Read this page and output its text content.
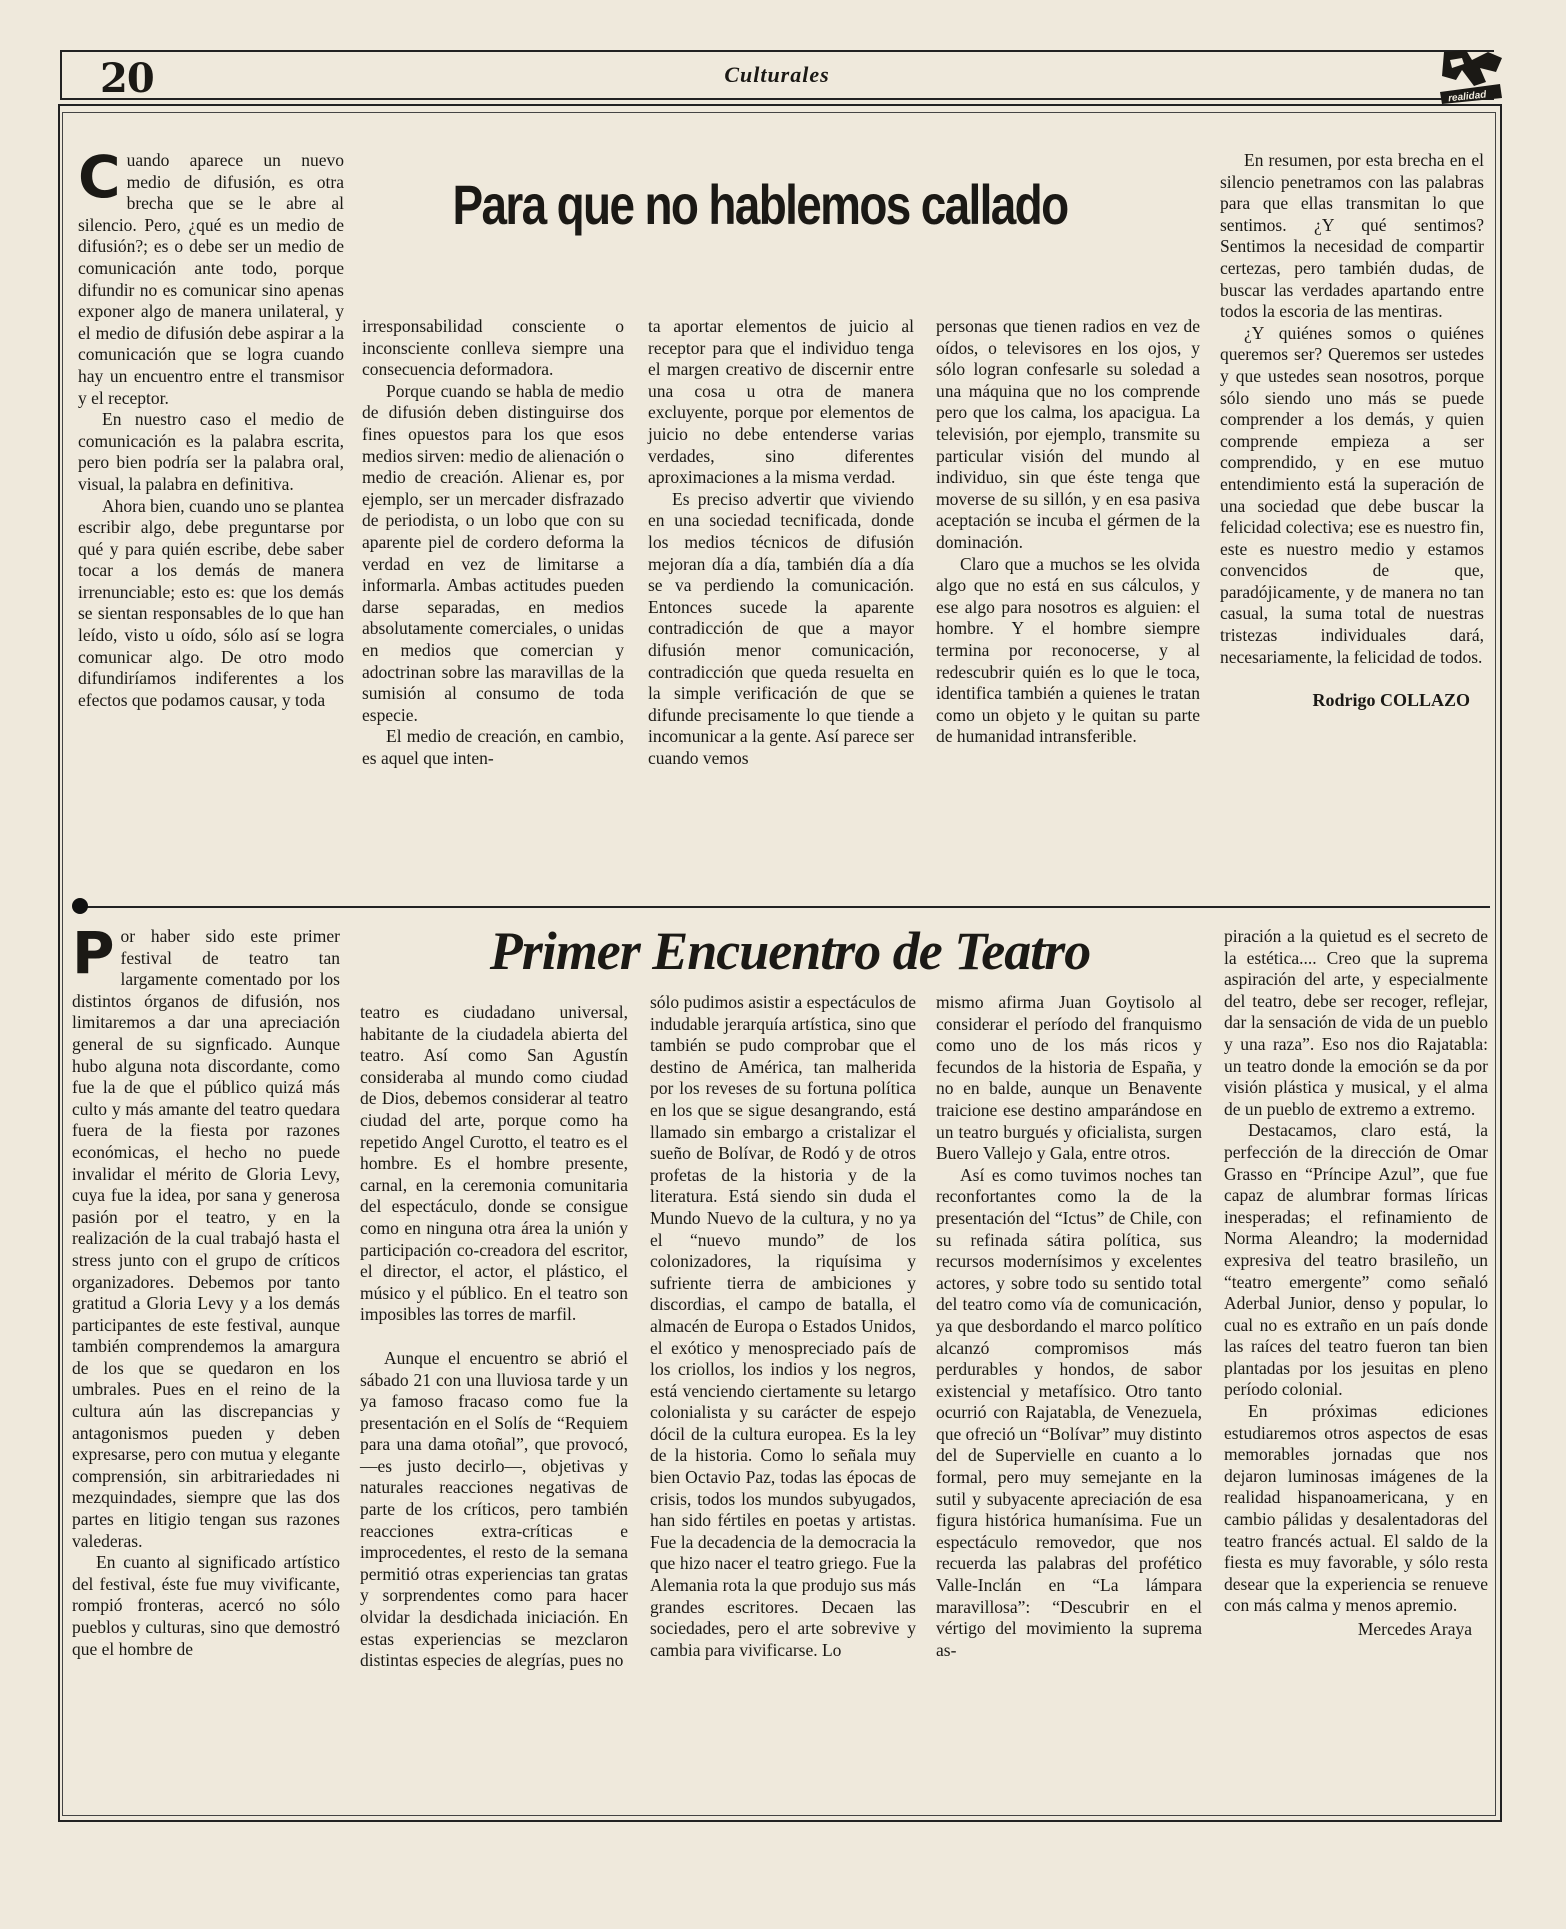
20	Culturales
realidad
Para que no hablemos callado

Cuando aparece un nuevo medio de difusión, es otra brecha que se le abre al silencio. Pero, ¿qué es un medio de difusión?; es o debe ser un medio de comunicación ante todo, porque difundir no es comunicar sino apenas exponer algo de manera unilateral, y el medio de difusión debe aspirar a la comunicación que se logra cuando hay un encuentro entre el transmisor y el receptor.

En nuestro caso el medio de comunicación es la palabra escrita, pero bien podría ser la palabra oral, visual, la palabra en definitiva.

Ahora bien, cuando uno se plantea escribir algo, debe preguntarse por qué y para quién escribe, debe saber tocar a los demás de manera irrenunciable; esto es: que los demás se sientan responsables de lo que han leído, visto u oído, sólo así se logra comunicar algo. De otro modo difundiríamos indiferentes a los efectos que podamos causar, y toda

irresponsabilidad consciente o inconsciente conlleva siempre una consecuencia deformadora.

Porque cuando se habla de medio de difusión deben distinguirse dos fines opuestos para los que esos medios sirven: medio de alienación o medio de creación. Alienar es, por ejemplo, ser un mercader disfrazado de periodista, o un lobo que con su aparente piel de cordero deforma la verdad en vez de limitarse a informarla. Ambas actitudes pueden darse separadas, en medios absolutamente comerciales, o unidas en medios que comercian y adoctrinan sobre las maravillas de la sumisión al consumo de toda especie.

El medio de creación, en cambio, es aquel que inten-

ta aportar elementos de juicio al receptor para que el individuo tenga el margen creativo de discernir entre una cosa u otra de manera excluyente, porque por elementos de juicio no debe entenderse varias verdades, sino diferentes aproximaciones a la misma verdad.

Es preciso advertir que viviendo en una sociedad tecnificada, donde los medios técnicos de difusión mejoran día a día, también día a día se va perdiendo la comunicación. Entonces sucede la aparente contradicción de que a mayor difusión menor comunicación, contradicción que queda resuelta en la simple verificación de que se difunde precisamente lo que tiende a incomunicar a la gente. Así parece ser cuando vemos

personas que tienen radios en vez de oídos, o televisores en los ojos, y sólo logran confesarle su soledad a una máquina que no los comprende pero que los calma, los apacigua. La televisión, por ejemplo, transmite su particular visión del mundo al individuo, sin que éste tenga que moverse de su sillón, y en esa pasiva aceptación se incuba el gérmen de la dominación.

Claro que a muchos se les olvida algo que no está en sus cálculos, y ese algo para nosotros es alguien: el hombre. Y el hombre siempre termina por reconocerse, y al redescubrir quién es lo que le toca, identifica también a quienes le tratan como un objeto y le quitan su parte de humanidad intransferible.

En resumen, por esta brecha en el silencio penetramos con las palabras para que ellas transmitan lo que sentimos. ¿Y qué sentimos? Sentimos la necesidad de compartir certezas, pero también dudas, de buscar las verdades apartando entre todos la escoria de las mentiras.

¿Y quiénes somos o quiénes queremos ser? Queremos ser ustedes y que ustedes sean nosotros, porque sólo siendo uno más se puede comprender a los demás, y quien comprende empieza a ser comprendido, y en ese mutuo entendimiento está la superación de una sociedad que debe buscar la felicidad colectiva; ese es nuestro fin, este es nuestro medio y estamos convencidos de que, paradójicamente, y de manera no tan casual, la suma total de nuestras tristezas individuales dará, necesariamente, la felicidad de todos.

Rodrigo COLLAZO
Primer Encuentro de Teatro

Por haber sido este primer festival de teatro tan largamente comentado por los distintos órganos de difusión, nos limitaremos a dar una apreciación general de su signficado. Aunque hubo alguna nota discordante, como fue la de que el público quizá más culto y más amante del teatro quedara fuera de la fiesta por razones económicas, el hecho no puede invalidar el mérito de Gloria Levy, cuya fue la idea, por sana y generosa pasión por el teatro, y en la realización de la cual trabajó hasta el stress junto con el grupo de críticos organizadores. Debemos por tanto gratitud a Gloria Levy y a los demás participantes de este festival, aunque también comprendemos la amargura de los que se quedaron en los umbrales. Pues en el reino de la cultura aún las discrepancias y antagonismos pueden y deben expresarse, pero con mutua y elegante comprensión, sin arbitrariedades ni mezquindades, siempre que las dos partes en litigio tengan sus razones valederas.

En cuanto al significado artístico del festival, éste fue muy vivificante, rompió fronteras, acercó no sólo pueblos y culturas, sino que demostró que el hombre de

teatro es ciudadano universal, habitante de la ciudadela abierta del teatro. Así como San Agustín consideraba al mundo como ciudad de Dios, debemos considerar al teatro ciudad del arte, porque como ha repetido Angel Curotto, el teatro es el hombre. Es el hombre presente, carnal, en la ceremonia comunitaria del espectáculo, donde se consigue como en ninguna otra área la unión y participación co-creadora del escritor, el director, el actor, el plástico, el músico y el público. En el teatro son imposibles las torres de marfil.

Aunque el encuentro se abrió el sábado 21 con una lluviosa tarde y un ya famoso fracaso como fue la presentación en el Solís de “Requiem para una dama otoñal”, que provocó, —es justo decirlo—, objetivas y naturales reacciones negativas de parte de los críticos, pero también reacciones extra-críticas e improcedentes, el resto de la semana permitió otras experiencias tan gratas y sorprendentes como para hacer olvidar la desdichada iniciación. En estas experiencias se mezclaron distintas especies de alegrías, pues no

sólo pudimos asistir a espectáculos de indudable jerarquía artística, sino que también se pudo comprobar que el destino de América, tan malherida por los reveses de su fortuna política en los que se sigue desangrando, está llamado sin embargo a cristalizar el sueño de Bolívar, de Rodó y de otros profetas de la historia y de la literatura. Está siendo sin duda el Mundo Nuevo de la cultura, y no ya el “nuevo mundo” de los colonizadores, la riquísima y sufriente tierra de ambiciones y discordias, el campo de batalla, el almacén de Europa o Estados Unidos, el exótico y menospreciado país de los criollos, los indios y los negros, está venciendo ciertamente su letargo colonialista y su carácter de espejo dócil de la cultura europea. Es la ley de la historia. Como lo señala muy bien Octavio Paz, todas las épocas de crisis, todos los mundos subyugados, han sido fértiles en poetas y artistas. Fue la decadencia de la democracia la que hizo nacer el teatro griego. Fue la Alemania rota la que produjo sus más grandes escritores. Decaen las sociedades, pero el arte sobrevive y cambia para vivificarse. Lo

mismo afirma Juan Goytisolo al considerar el período del franquismo como uno de los más ricos y fecundos de la historia de España, y no en balde, aunque un Benavente traicione ese destino amparándose en un teatro burgués y oficialista, surgen Buero Vallejo y Gala, entre otros.

Así es como tuvimos noches tan reconfortantes como la de la presentación del “Ictus” de Chile, con su refinada sátira política, sus recursos modernísimos y excelentes actores, y sobre todo su sentido total del teatro como vía de comunicación, ya que desbordando el marco político alcanzó compromisos más perdurables y hondos, de sabor existencial y metafísico. Otro tanto ocurrió con Rajatabla, de Venezuela, que ofreció un “Bolívar” muy distinto del de Supervielle en cuanto a lo formal, pero muy semejante en la sutil y subyacente apreciación de esa figura histórica humanísima. Fue un espectáculo removedor, que nos recuerda las palabras del profético Valle-Inclán en “La lámpara maravillosa”: “Descubrir en el vértigo del movimiento la suprema as-

piración a la quietud es el secreto de la estética.... Creo que la suprema aspiración del arte, y especialmente del teatro, debe ser recoger, reflejar, dar la sensación de vida de un pueblo y una raza”. Eso nos dio Rajatabla: un teatro donde la emoción se da por visión plástica y musical, y el alma de un pueblo de extremo a extremo.

Destacamos, claro está, la perfección de la dirección de Omar Grasso en “Príncipe Azul”, que fue capaz de alumbrar formas líricas inesperadas; el refinamiento de Norma Aleandro; la modernidad expresiva del teatro brasileño, un “teatro emergente” como señaló Aderbal Junior, denso y popular, lo cual no es extraño en un país donde las raíces del teatro fueron tan bien plantadas por los jesuitas en pleno período colonial.

En próximas ediciones estudiaremos otros aspectos de esas memorables jornadas que nos dejaron luminosas imágenes de la realidad hispanoamericana, y en cambio pálidas y desalentadoras del teatro francés actual. El saldo de la fiesta es muy favorable, y sólo resta desear que la experiencia se renueve con más calma y menos apremio.

Mercedes Araya
